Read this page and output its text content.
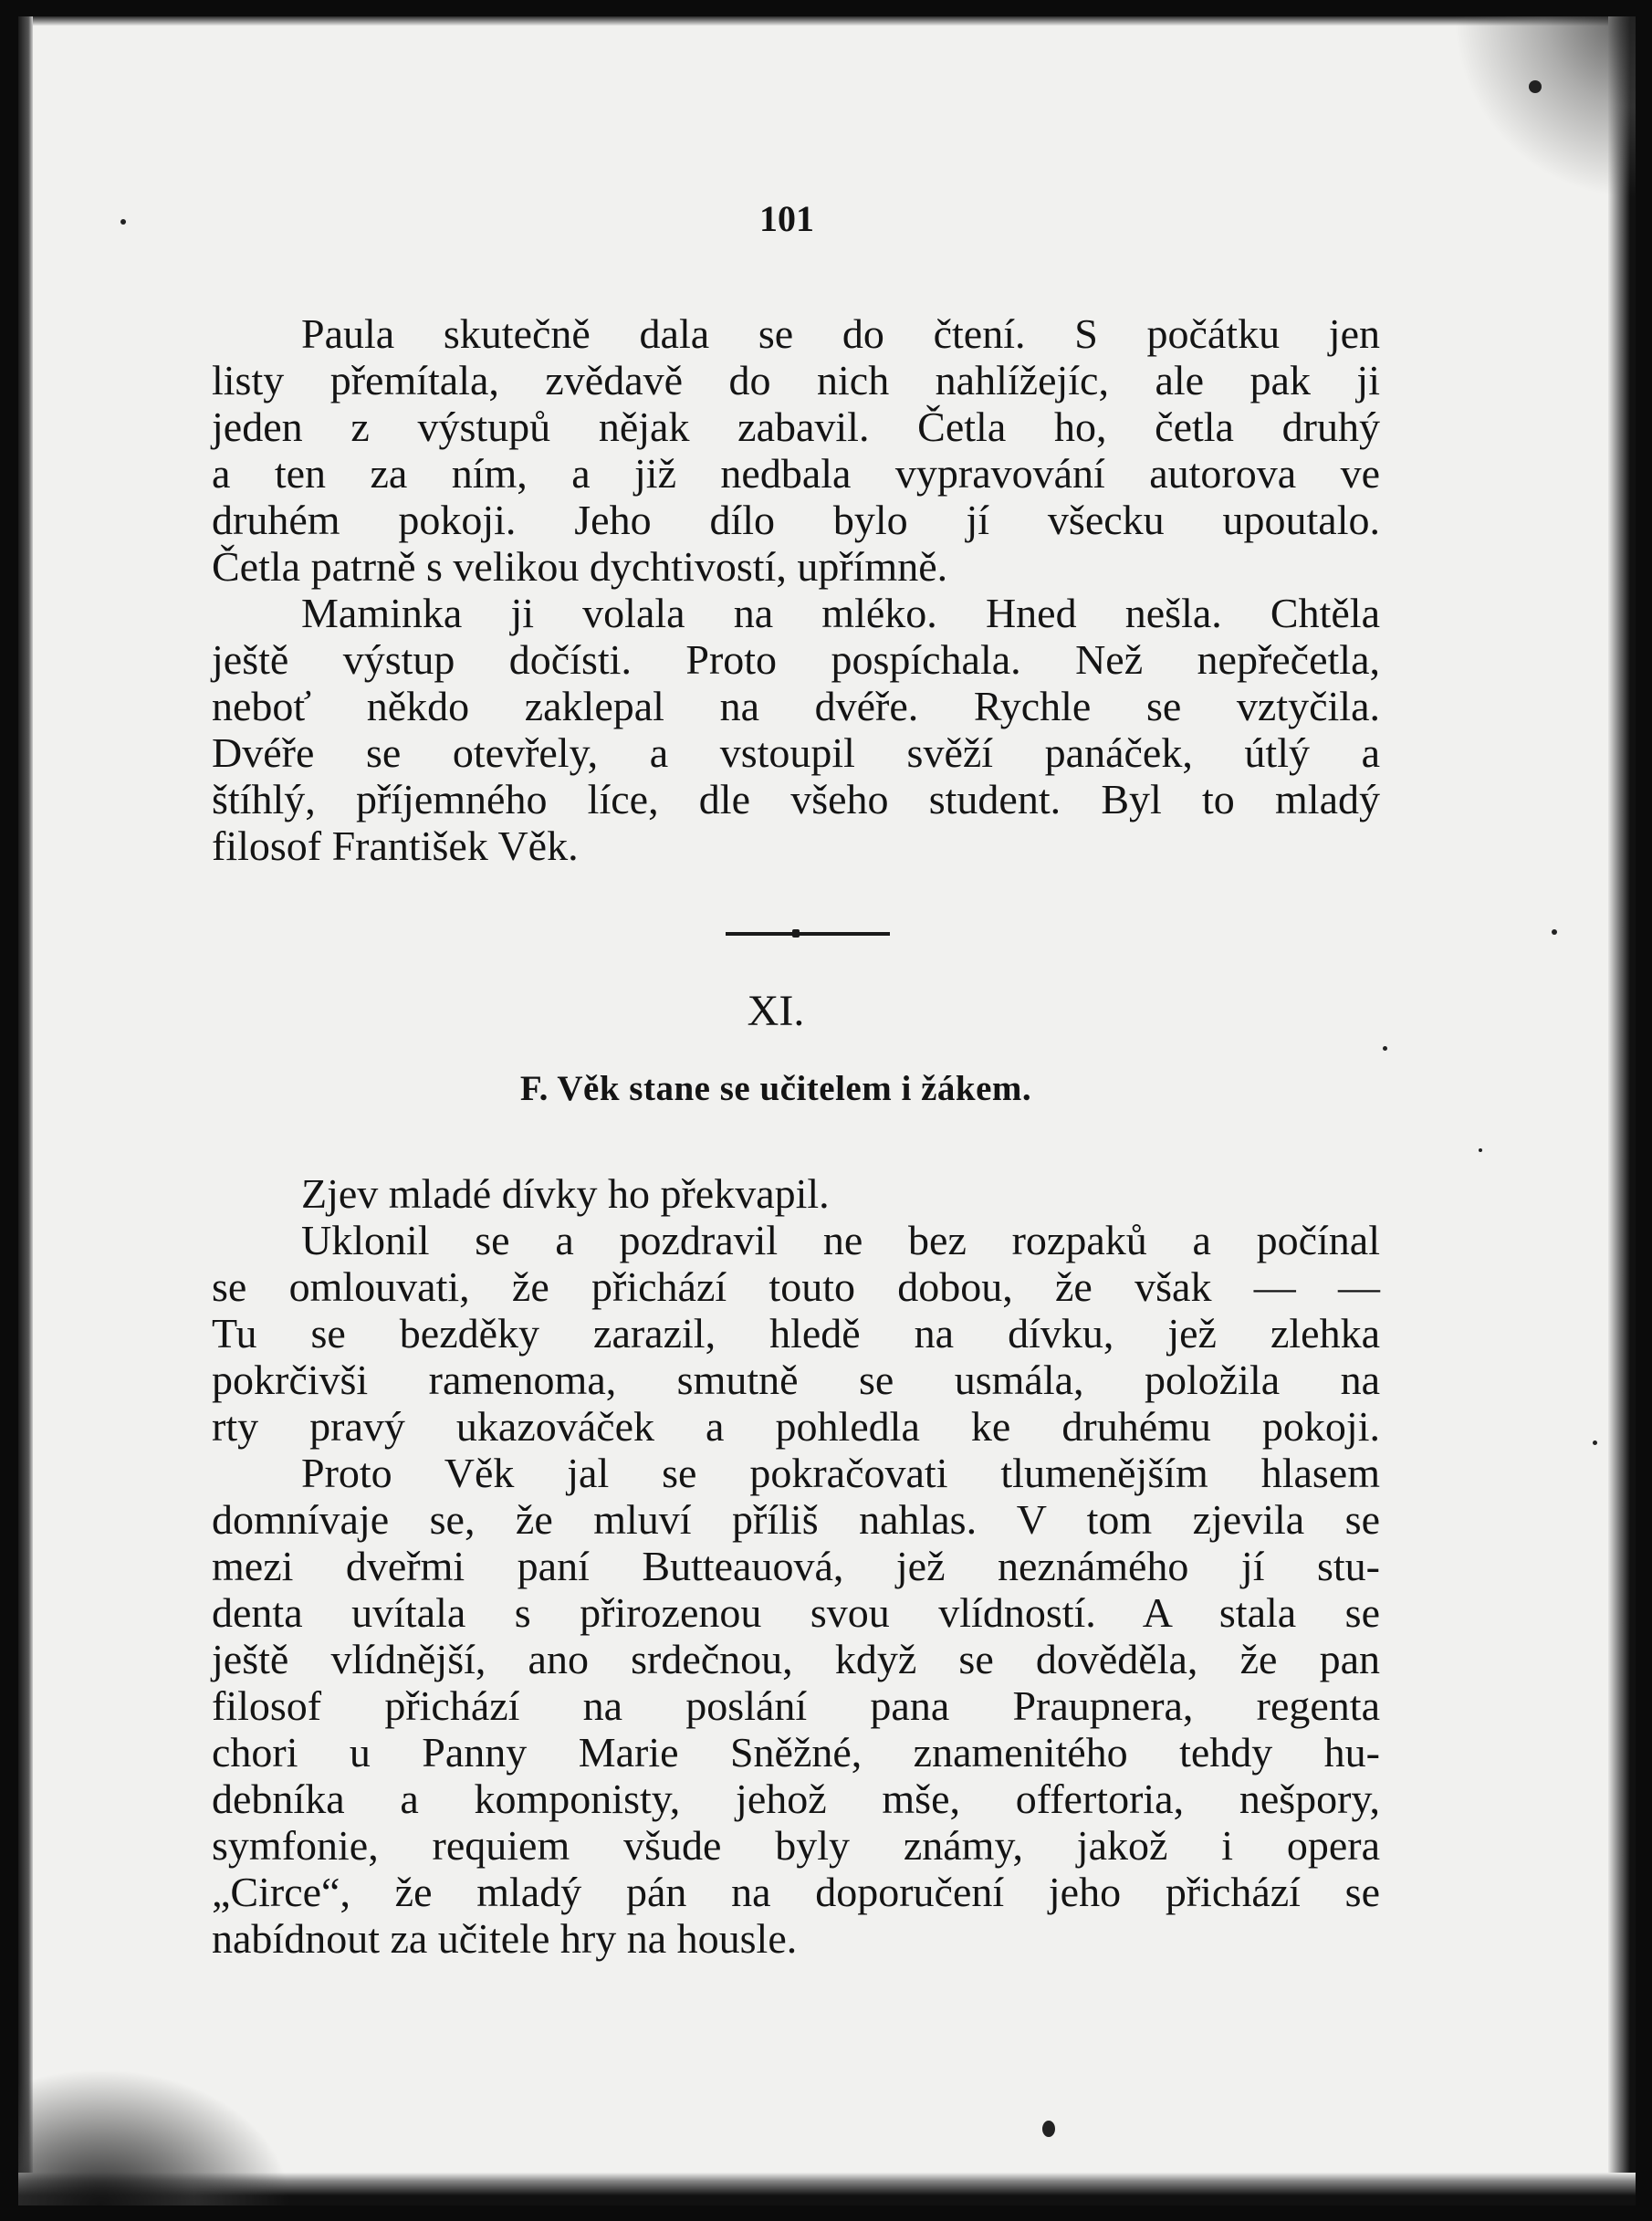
101
Paula skutečně dala se do čtení. S počátku jen
listy přemítala, zvědavě do nich nahlížejíc, ale pak ji
jeden z výstupů nějak zabavil. Četla ho, četla druhý
a ten za ním, a již nedbala vypravování autorova ve
druhém pokoji. Jeho dílo bylo jí všecku upoutalo.
Četla patrně s velikou dychtivostí, upřímně.
Maminka ji volala na mléko. Hned nešla. Chtěla
ještě výstup dočísti. Proto pospíchala. Než nepřečetla,
neboť někdo zaklepal na dvéře. Rychle se vztyčila.
Dvéře se otevřely, a vstoupil svěží panáček, útlý a
štíhlý, příjemného líce, dle všeho student. Byl to mladý
filosof František Věk.
XI.
F. Věk stane se učitelem i žákem.
Zjev mladé dívky ho překvapil.
Uklonil se a pozdravil ne bez rozpaků a počínal
se omlouvati, že přichází touto dobou, že však — —
Tu se bezděky zarazil, hledě na dívku, jež zlehka
pokrčivši ramenoma, smutně se usmála, položila na
rty pravý ukazováček a pohledla ke druhému pokoji.
Proto Věk jal se pokračovati tlumenějším hlasem
domnívaje se, že mluví příliš nahlas. V tom zjevila se
mezi dveřmi paní Butteauová, jež neznámého jí stu-
denta uvítala s přirozenou svou vlídností. A stala se
ještě vlídnější, ano srdečnou, když se dověděla, že pan
filosof přichází na poslání pana Praupnera, regenta
chori u Panny Marie Sněžné, znamenitého tehdy hu-
debníka a komponisty, jehož mše, offertoria, nešpory,
symfonie, requiem všude byly známy, jakož i opera
„Circe“, že mladý pán na doporučení jeho přichází se
nabídnout za učitele hry na housle.
